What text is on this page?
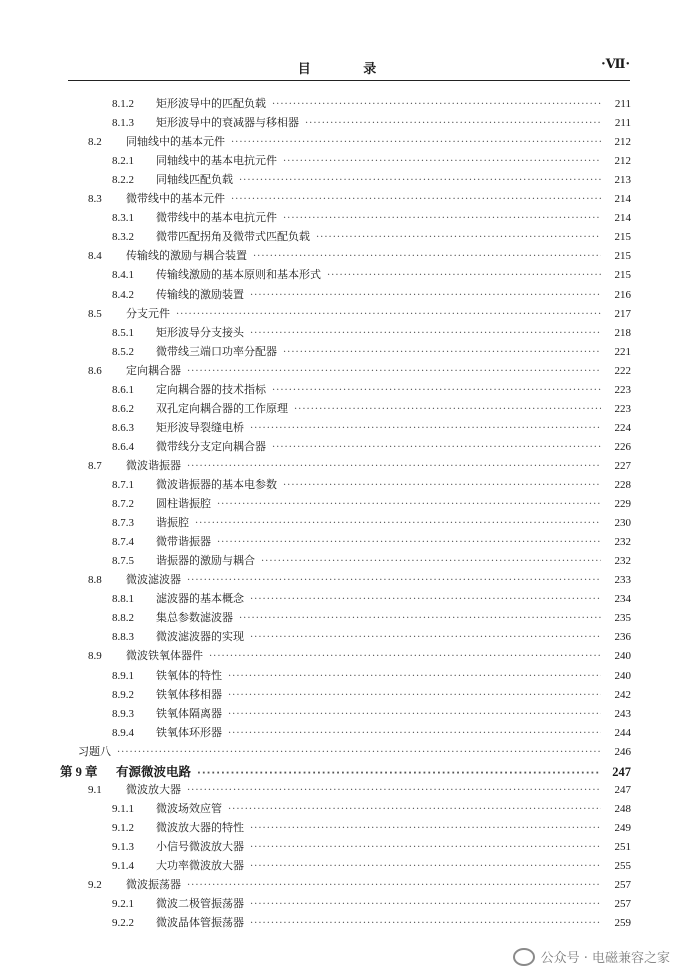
目 录	·Ⅶ·
8.1.2	矩形波导中的匹配负载 ·····	211
8.1.3	矩形波导中的衰减器与移相器 ·····	211
8.2	同轴线中的基本元件 ·····	212
8.2.1	同轴线中的基本电抗元件 ·····	212
8.2.2	同轴线匹配负载 ·····	213
8.3	微带线中的基本元件 ·····	214
8.3.1	微带线中的基本电抗元件 ·····	214
8.3.2	微带匹配拐角及微带式匹配负载 ·····	215
8.4	传输线的激励与耦合装置 ·····	215
8.4.1	传输线激励的基本原则和基本形式 ·····	215
8.4.2	传输线的激励装置 ·····	216
8.5	分支元件 ·····	217
8.5.1	矩形波导分支接头 ·····	218
8.5.2	微带线三端口功率分配器 ·····	221
8.6	定向耦合器 ·····	222
8.6.1	定向耦合器的技术指标 ·····	223
8.6.2	双孔定向耦合器的工作原理 ·····	223
8.6.3	矩形波导裂缝电桥 ·····	224
8.6.4	微带线分支定向耦合器 ·····	226
8.7	微波谐振器 ·····	227
8.7.1	微波谐振器的基本电参数 ·····	228
8.7.2	圆柱谐振腔 ·····	229
8.7.3	谐振腔 ·····	230
8.7.4	微带谐振器 ·····	232
8.7.5	谐振器的激励与耦合 ·····	232
8.8	微波滤波器 ·····	233
8.8.1	滤波器的基本概念 ·····	234
8.8.2	集总参数滤波器 ·····	235
8.8.3	微波滤波器的实现 ·····	236
8.9	微波铁氧体器件 ·····	240
8.9.1	铁氧体的特性 ·····	240
8.9.2	铁氧体移相器 ·····	242
8.9.3	铁氧体隔离器 ·····	243
8.9.4	铁氧体环形器 ·····	244
习题八 ·····	246
第 9 章	有源微波电路 ·····	247
9.1	微波放大器 ·····	247
9.1.1	微波场效应管 ·····	248
9.1.2	微波放大器的特性 ·····	249
9.1.3	小信号微波放大器 ·····	251
9.1.4	大功率微波放大器 ·····	255
9.2	微波振荡器 ·····	257
9.2.1	微波二极管振荡器 ·····	257
9.2.2	微波晶体管振荡器 ·····	259
公众号 · 电磁兼容之家
